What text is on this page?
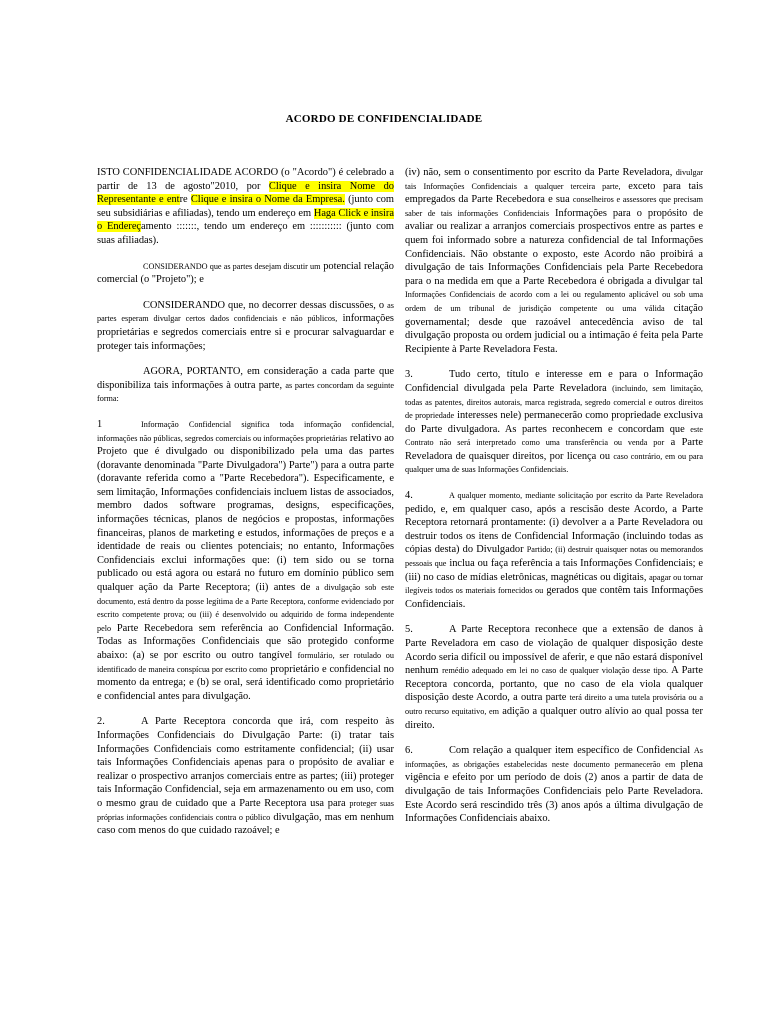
ACORDO DE CONFIDENCIALIDADE

ISTO CONFIDENCIALIDADE ACORDO (o "Acordo") é celebrado a partir de 13 de agosto"2010, por Clique e insira Nome do Representante e entre Clique e insira o Nome da Empresa. (junto com seu subsidiárias e afiliadas), tendo um endereço em Haga Click e insira o Endereçamento :::::::, tendo um endereço em ::::::::::: (junto com suas afiliadas).

CONSIDERANDO que as partes desejam discutir um potencial relação comercial (o "Projeto"); e

CONSIDERANDO que, no decorrer dessas discussões, o as partes esperam divulgar certos dados confidenciais e não públicos, informações proprietárias e segredos comerciais entre si e procurar salvaguardar e proteger tais informações;

AGORA, PORTANTO, em consideração a cada parte que disponibiliza tais informações à outra parte, as partes concordam da seguinte forma:

1	Informação Confidencial significa toda informação confidencial, informações não públicas, segredos comerciais ou informações proprietárias relativo ao Projeto que é divulgado ou disponibilizado pela uma das partes (doravante denominada "Parte Divulgadora") Parte") para a outra parte (doravante referida como a "Parte Recebedora"). Especificamente, e sem limitação, Informações confidenciais incluem listas de associados, membro dados software programas, designs, especificações, informações técnicas, planos de negócios e propostas, informações financeiras, planos de marketing e estudos, informações de preços e a identidade de reais ou clientes potenciais; no entanto, Informações Confidenciais exclui informações que: (i) tem sido ou se torna publicado ou está agora ou estará no futuro em domínio público sem qualquer ação da Parte Receptora; (ii) antes de a divulgação sob este documento, está dentro da posse legítima de a Parte Receptora, conforme evidenciado por escrito competente prova; ou (iii) é desenvolvido ou adquirido de forma independente pelo Parte Recebedora sem referência ao Confidencial Informação. Todas as Informações Confidenciais que são protegido conforme abaixo: (a) se por escrito ou outro tangível formulário, ser rotulado ou identificado de maneira conspícua por escrito como proprietário e confidencial no momento da entrega; e (b) se oral, será identificado como proprietário e confidencial antes para divulgação.

2.	A Parte Receptora concorda que irá, com respeito às Informações Confidenciais do Divulgação Parte: (i) tratar tais Informações Confidenciais como estritamente confidencial; (ii) usar tais Informações Confidenciais apenas para o propósito de avaliar e realizar o prospectivo arranjos comerciais entre as partes; (iii) proteger tais Informação Confidencial, seja em armazenamento ou em uso, com o mesmo grau de cuidado que a Parte Receptora usa para proteger suas próprias informações confidenciais contra o público divulgação, mas em nenhum caso com menos do que cuidado razoável; e

(iv) não, sem o consentimento por escrito da Parte Reveladora, divulgar tais Informações Confidenciais a qualquer terceira parte, exceto para tais empregados da Parte Recebedora e sua conselheiros e assessores que precisam saber de tais informações Confidenciais Informações para o propósito de avaliar ou realizar a arranjos comerciais prospectivos entre as partes e quem foi informado sobre a natureza confidencial de tal Informações Confidenciais. Não obstante o exposto, este Acordo não proibirá a divulgação de tais Informações Confidenciais pela Parte Recebedora para o na medida em que a Parte Recebedora é obrigada a divulgar tal Informações Confidenciais de acordo com a lei ou regulamento aplicável ou sob uma ordem de um tribunal de jurisdição competente ou uma válida citação governamental; desde que razoável antecedência aviso de tal divulgação proposta ou ordem judicial ou a intimação é feita pela Parte Recipiente à Parte Reveladora Festa.

3.	Tudo certo, título e interesse em e para o Informação Confidencial divulgada pela Parte Reveladora (incluindo, sem limitação, todas as patentes, direitos autorais, marca registrada, segredo comercial e outros direitos de propriedade interesses nele) permanecerão como propriedade exclusiva do Parte divulgadora. As partes reconhecem e concordam que este Contrato não será interpretado como uma transferência ou venda por a Parte Reveladora de quaisquer direitos, por licença ou caso contrário, em ou para qualquer uma de suas Informações Confidenciais.

4.	A qualquer momento, mediante solicitação por escrito da Parte Reveladora pedido, e, em qualquer caso, após a rescisão deste Acordo, a Parte Receptora retornará prontamente: (i) devolver a a Parte Reveladora ou destruir todos os itens de Confidencial Informação (incluindo todas as cópias desta) do Divulgador Partido; (ii) destruir quaisquer notas ou memorandos pessoais que inclua ou faça referência a tais Informações Confidenciais; e (iii) no caso de mídias eletrônicas, magnéticas ou digitais, apagar ou tornar ilegíveis todos os materiais fornecidos ou gerados que contêm tais Informações Confidenciais.

5.	A Parte Receptora reconhece que a extensão de danos à Parte Reveladora em caso de violação de qualquer disposição deste Acordo seria difícil ou impossível de aferir, e que não estará disponível nenhum remédio adequado em lei no caso de qualquer violação desse tipo. A Parte Receptora concorda, portanto, que no caso de ela viola qualquer disposição deste Acordo, a outra parte terá direito a uma tutela provisória ou a outro recurso equitativo, em adição a qualquer outro alívio ao qual possa ter direito.

6.	Com relação a qualquer item específico de Confidencial As informações, as obrigações estabelecidas neste documento permanecerão em plena vigência e efeito por um período de dois (2) anos a partir de data de divulgação de tais Informações Confidenciais pelo Parte Reveladora. Este Acordo será rescindido três (3) anos após a última divulgação de Informações Confidenciais abaixo.
